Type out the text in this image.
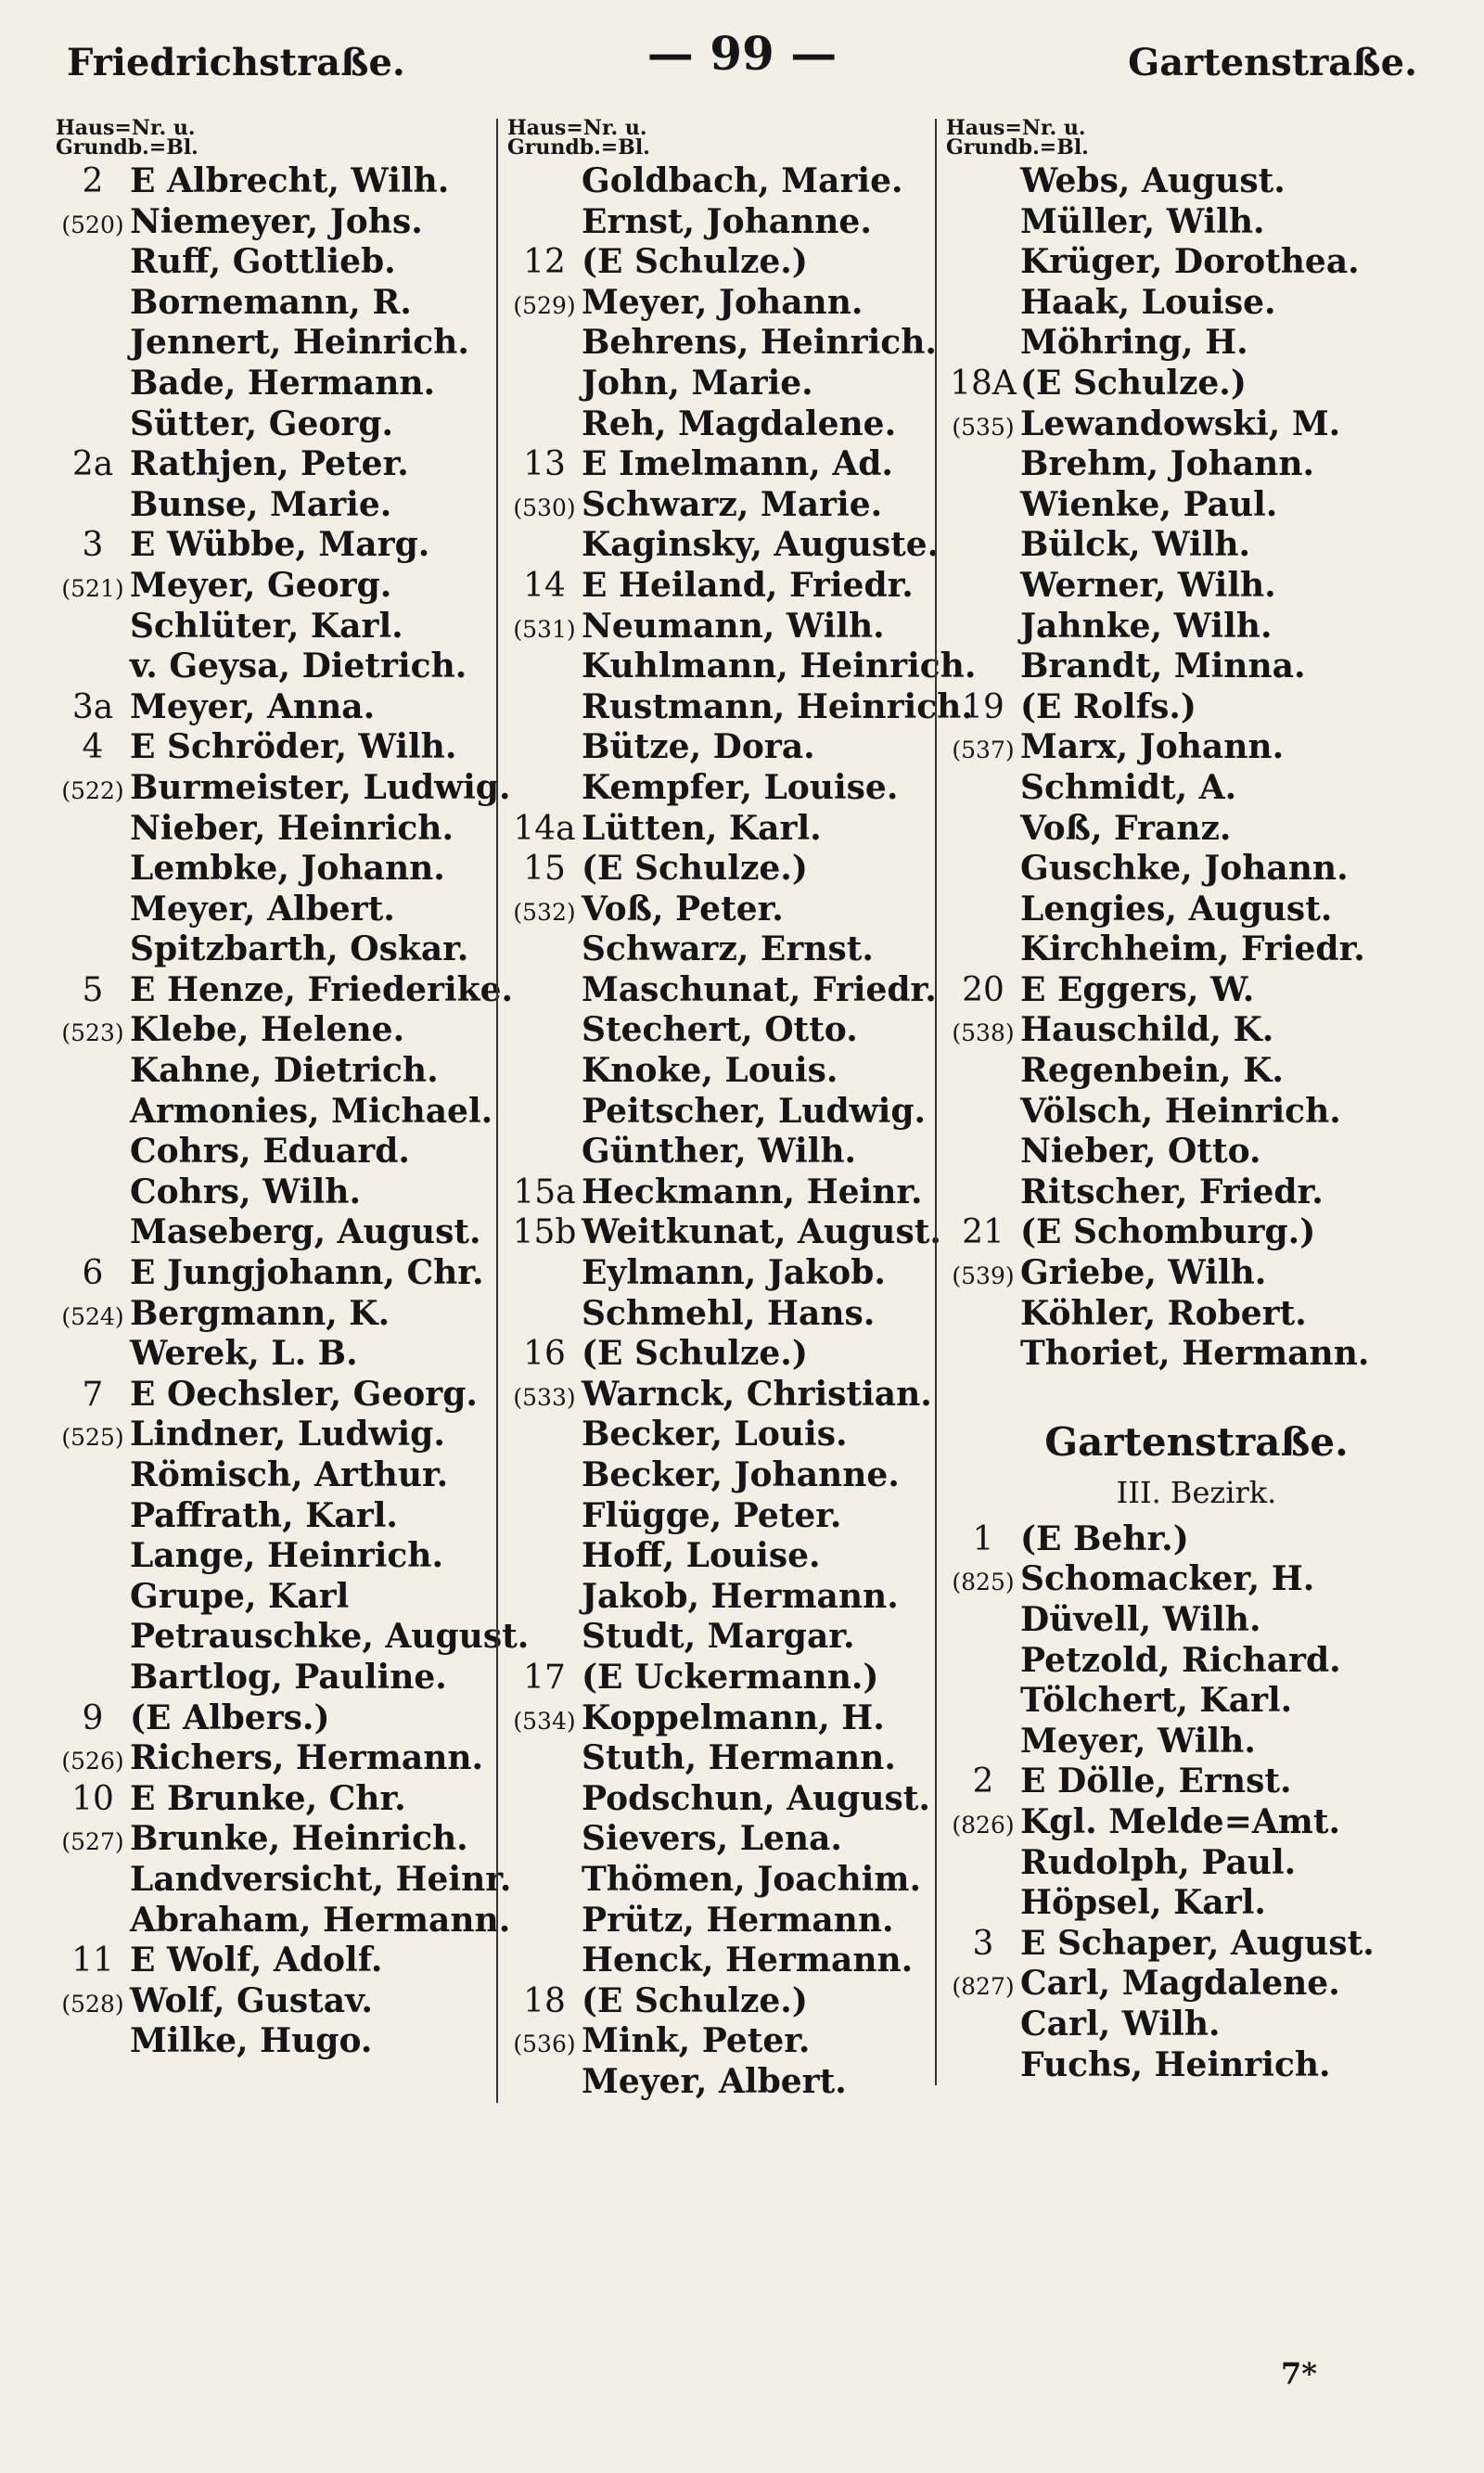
Friedrichstraße.	— 99 —	Gartenstraße.
Haus=Nr. u.
Grundb.=Bl.
2 E Albrecht, Wilh.
(520) Niemeyer, Johs.
Ruff, Gottlieb.
Bornemann, R.
Jennert, Heinrich.
Bade, Hermann.
Sütter, Georg.
2a Rathjen, Peter.
Bunse, Marie.
3 E Wübbe, Marg.
(521) Meyer, Georg.
Schlüter, Karl.
v. Geysa, Dietrich.
3a Meyer, Anna.
4 E Schröder, Wilh.
(522) Burmeister, Ludwig.
Nieber, Heinrich.
Lembke, Johann.
Meyer, Albert.
Spitzbarth, Oskar.
5 E Henze, Friederike.
(523) Klebe, Helene.
Kahne, Dietrich.
Armonies, Michael.
Cohrs, Eduard.
Cohrs, Wilh.
Maseberg, August.
6 E Jungjohann, Chr.
(524) Bergmann, K.
Werek, L. B.
7 E Oechsler, Georg.
(525) Lindner, Ludwig.
Römisch, Arthur.
Paffrath, Karl.
Lange, Heinrich.
Grupe, Karl
Petrauschke, August.
Bartlog, Pauline.
9 (E Albers.)
(526) Richers, Hermann.
10 E Brunke, Chr.
(527) Brunke, Heinrich.
Landversicht, Heinr.
Abraham, Hermann.
11 E Wolf, Adolf.
(528) Wolf, Gustav.
Milke, Hugo.
Haus=Nr. u.
Grundb.=Bl.
Goldbach, Marie.
Ernst, Johanne.
12 (E Schulze.)
(529) Meyer, Johann.
Behrens, Heinrich.
John, Marie.
Reh, Magdalene.
13 E Imelmann, Ad.
(530) Schwarz, Marie.
Kaginsky, Auguste.
14 E Heiland, Friedr.
(531) Neumann, Wilh.
Kuhlmann, Heinrich.
Rustmann, Heinrich.
Bütze, Dora.
Kempfer, Louise.
14a Lütten, Karl.
15 (E Schulze.)
(532) Voß, Peter.
Schwarz, Ernst.
Maschunat, Friedr.
Stechert, Otto.
Knoke, Louis.
Peitscher, Ludwig.
Günther, Wilh.
15a Heckmann, Heinr.
15b Weitkunat, August.
Eylmann, Jakob.
Schmehl, Hans.
16 (E Schulze.)
(533) Warnck, Christian.
Becker, Louis.
Becker, Johanne.
Flügge, Peter.
Hoff, Louise.
Jakob, Hermann.
Studt, Margar.
17 (E Uckermann.)
(534) Koppelmann, H.
Stuth, Hermann.
Podschun, August.
Sievers, Lena.
Thömen, Joachim.
Prütz, Hermann.
Henck, Hermann.
18 (E Schulze.)
(536) Mink, Peter.
Meyer, Albert.
Haus=Nr. u.
Grundb.=Bl.
Webs, August.
Müller, Wilh.
Krüger, Dorothea.
Haak, Louise.
Möhring, H.
18A (E Schulze.)
(535) Lewandowski, M.
Brehm, Johann.
Wienke, Paul.
Bülck, Wilh.
Werner, Wilh.
Jahnke, Wilh.
Brandt, Minna.
19 (E Rolfs.)
(537) Marx, Johann.
Schmidt, A.
Voß, Franz.
Guschke, Johann.
Lengies, August.
Kirchheim, Friedr.
20 E Eggers, W.
(538) Hauschild, K.
Regenbein, K.
Völsch, Heinrich.
Nieber, Otto.
Ritscher, Friedr.
21 (E Schomburg.)
(539) Griebe, Wilh.
Köhler, Robert.
Thoriet, Hermann.
Gartenstraße.
III. Bezirk.
1 (E Behr.)
(825) Schomacker, H.
Düvell, Wilh.
Petzold, Richard.
Tölchert, Karl.
Meyer, Wilh.
2 E Dölle, Ernst.
(826) Kgl. Melde=Amt.
Rudolph, Paul.
Höpsel, Karl.
3 E Schaper, August.
(827) Carl, Magdalene.
Carl, Wilh.
Fuchs, Heinrich.
7*
